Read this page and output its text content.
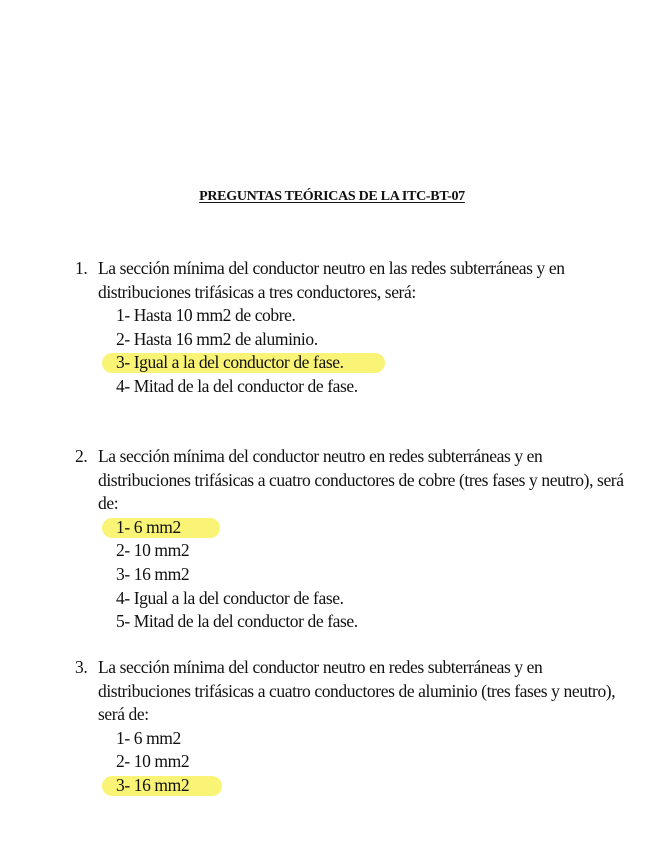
PREGUNTAS TEÓRICAS DE LA ITC-BT-07
1. La sección mínima del conductor neutro en las redes subterráneas y en distribuciones trifásicas a tres conductores, será:
1- Hasta 10 mm2 de cobre.
2- Hasta 16 mm2 de aluminio.
3- Igual a la del conductor de fase.
4- Mitad de la del conductor de fase.
2. La sección mínima del conductor neutro en redes subterráneas y en distribuciones trifásicas a cuatro conductores de cobre (tres fases y neutro), será de:
1- 6 mm2
2- 10 mm2
3- 16 mm2
4- Igual a la del conductor de fase.
5- Mitad de la del conductor de fase.
3. La sección mínima del conductor neutro en redes subterráneas y en distribuciones trifásicas a cuatro conductores de aluminio (tres fases y neutro), será de:
1- 6 mm2
2- 10 mm2
3- 16 mm2
